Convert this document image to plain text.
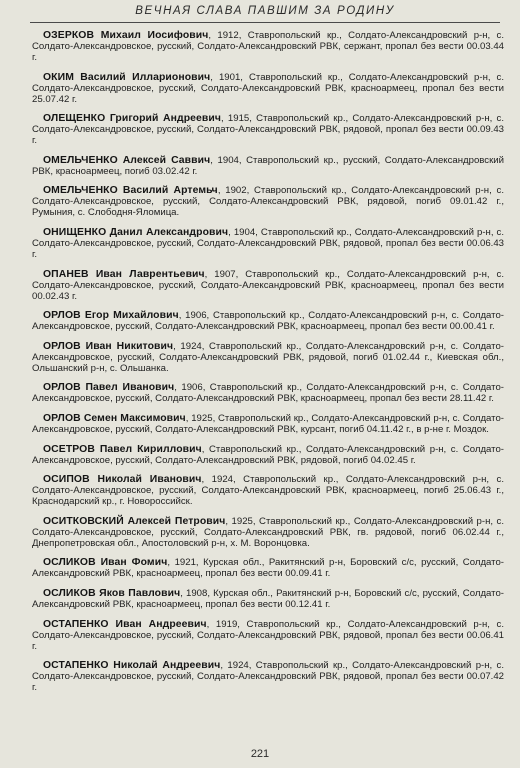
ВЕЧНАЯ СЛАВА ПАВШИМ ЗА РОДИНУ

ОЗЕРКОВ Михаил Иосифович, 1912, Ставропольский кр., Солдато-Александровский р-н, с. Солдато-Александровское, русский, Солдато-Александровский РВК, сержант, пропал без вести 00.03.44 г.

ОКИМ Василий Илларионович, 1901, Ставропольский кр., Солдато-Александровский р-н, с. Солдато-Александровское, русский, Солдато-Александровский РВК, красноармеец, пропал без вести 25.07.42 г.

ОЛЕЩЕНКО Григорий Андреевич, 1915, Ставропольский кр., Солдато-Александровский р-н, с. Солдато-Александровское, русский, Солдато-Александровский РВК, рядовой, пропал без вести 00.09.43 г.

ОМЕЛЬЧЕНКО Алексей Саввич, 1904, Ставропольский кр., русский, Солдато-Александровский РВК, красноармеец, погиб 03.02.42 г.

ОМЕЛЬЧЕНКО Василий Артемьч, 1902, Ставропольский кр., Солдато-Александровский р-н, с. Солдато-Александровское, русский, Солдато-Александровский РВК, рядовой, погиб 09.01.42 г., Румыния, с. Слободня-Яломица.

ОНИЩЕНКО Данил Александрович, 1904, Ставропольский кр., Солдато-Александровский р-н, с. Солдато-Александровское, русский, Солдато-Александровский РВК, рядовой, пропал без вести 00.06.43 г.

ОПАНЕВ Иван Лаврентьевич, 1907, Ставропольский кр., Солдато-Александровский р-н, с. Солдато-Александровское, русский, Солдато-Александровский РВК, красноармеец, пропал без вести 00.02.43 г.

ОРЛОВ Егор Михайлович, 1906, Ставропольский кр., Солдато-Александровский р-н, с. Солдато-Александровское, русский, Солдато-Александровский РВК, красноармеец, пропал без вести 00.00.41 г.

ОРЛОВ Иван Никитович, 1924, Ставропольский кр., Солдато-Александровский р-н, с. Солдато-Александровское, русский, Солдато-Александровский РВК, рядовой, погиб 01.02.44 г., Киевская обл., Ольшанский р-н, с. Ольшанка.

ОРЛОВ Павел Иванович, 1906, Ставропольский кр., Солдато-Александровский р-н, с. Солдато-Александровское, русский, Солдато-Александровский РВК, красноармеец, пропал без вести 28.11.42 г.

ОРЛОВ Семен Максимович, 1925, Ставропольский кр., Солдато-Александровский р-н, с. Солдато-Александровское, русский, Солдато-Александровский РВК, курсант, погиб 04.11.42 г., в р-не г. Моздок.

ОСЕТРОВ Павел Кириллович, Ставропольский кр., Солдато-Александровский р-н, с. Солдато-Александровское, русский, Солдато-Александровский РВК, рядовой, погиб 04.02.45 г.

ОСИПОВ Николай Иванович, 1924, Ставропольский кр., Солдато-Александровский р-н, с. Солдато-Александровское, русский, Солдато-Александровский РВК, красноармеец, погиб 25.06.43 г., Краснодарский кр., г. Новороссийск.

ОСИТКОВСКИЙ Алексей Петрович, 1925, Ставропольский кр., Солдато-Александровский р-н, с. Солдато-Александровское, русский, Солдато-Александровский РВК, гв. рядовой, погиб 06.02.44 г., Днепропетровская обл., Апостоловский р-н, х. М. Воронцовка.

ОСЛИКОВ Иван Фомич, 1921, Курская обл., Ракитянский р-н, Боровский с/с, русский, Солдато-Александровский РВК, красноармеец, пропал без вести 00.09.41 г.

ОСЛИКОВ Яков Павлович, 1908, Курская обл., Ракитянский р-н, Боровский с/с, русский, Солдато-Александровский РВК, красноармеец, пропал без вести 00.12.41 г.

ОСТАПЕНКО Иван Андреевич, 1919, Ставропольский кр., Солдато-Александровский р-н, с. Солдато-Александровское, русский, Солдато-Александровский РВК, рядовой, пропал без вести 00.06.41 г.

ОСТАПЕНКО Николай Андреевич, 1924, Ставропольский кр., Солдато-Александровский р-н, с. Солдато-Александровское, русский, Солдато-Александровский РВК, рядовой, пропал без вести 00.07.42 г.

221
